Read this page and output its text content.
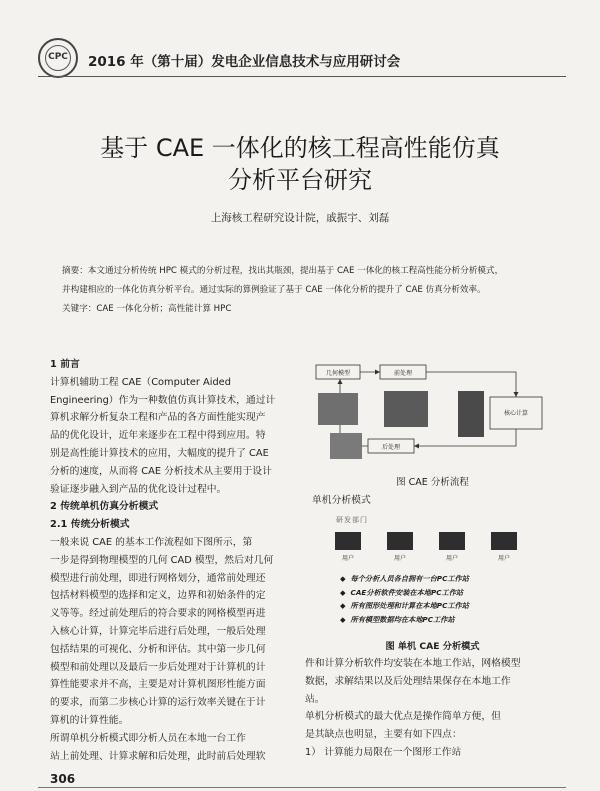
CPC 2016 年（第十届）发电企业信息技术与应用研讨会
基于 CAE 一体化的核工程高性能仿真
分析平台研究
上海核工程研究设计院，戚振宇、刘磊

摘要：本文通过分析传统 HPC 模式的分析过程，找出其瓶颈，提出基于 CAE 一体化的核工程高性能分析分析模式，

并构建相应的一体化仿真分析平台。通过实际的算例验证了基于 CAE 一体化分析的提升了 CAE 仿真分析效率。

关键字：CAE 一体化分析；高性能计算 HPC

1 前言

计算机辅助工程 CAE（Computer Aided

Engineering）作为一种数值仿真计算技术，通过计

算机求解分析复杂工程和产品的各方面性能实现产

品的优化设计，近年来逐步在工程中得到应用。特

别是高性能计算技术的应用，大幅度的提升了 CAE

分析的速度，从而将 CAE 分析技术从主要用于设计

验证逐步融入到产品的优化设计过程中。

2 传统单机仿真分析模式

2.1 传统分析模式

一般来说 CAE 的基本工作流程如下图所示，第

一步是得到物理模型的几何 CAD 模型，然后对几何

模型进行前处理，即进行网格划分，通常前处理还

包括材料模型的选择和定义，边界和初始条件的定

义等等。经过前处理后的符合要求的网格模型再进

入核心计算，计算完毕后进行后处理，一般后处理

包括结果的可视化、分析和评估。其中第一步几何

模型和前处理以及最后一步后处理对于计算机的计

算性能要求并不高，主要是对计算机图形性能方面

的要求，而第二步核心计算的运行效率关键在于计

算机的计算性能。

所谓单机分析模式即分析人员在本地一台工作

站上前处理、计算求解和后处理，此时前后处理软

几何模型	前处理
核心计算
后处理
图 CAE 分析流程
单机分析模式
研发部门
用户	用户	用户	用户
◆  每个分析人员各自拥有一台PC工作站
◆  CAE分析软件安装在本地PC工作站
◆  所有图形处理和计算在本地PC工作站
◆  所有模型数据均在本地PC工作站
图 单机 CAE 分析模式

件和计算分析软件均安装在本地工作站，网格模型

数据，求解结果以及后处理结果保存在本地工作

站。

单机分析模式的最大优点是操作简单方便，但

是其缺点也明显，主要有如下四点：

1） 计算能力局限在一个图形工作站

306
